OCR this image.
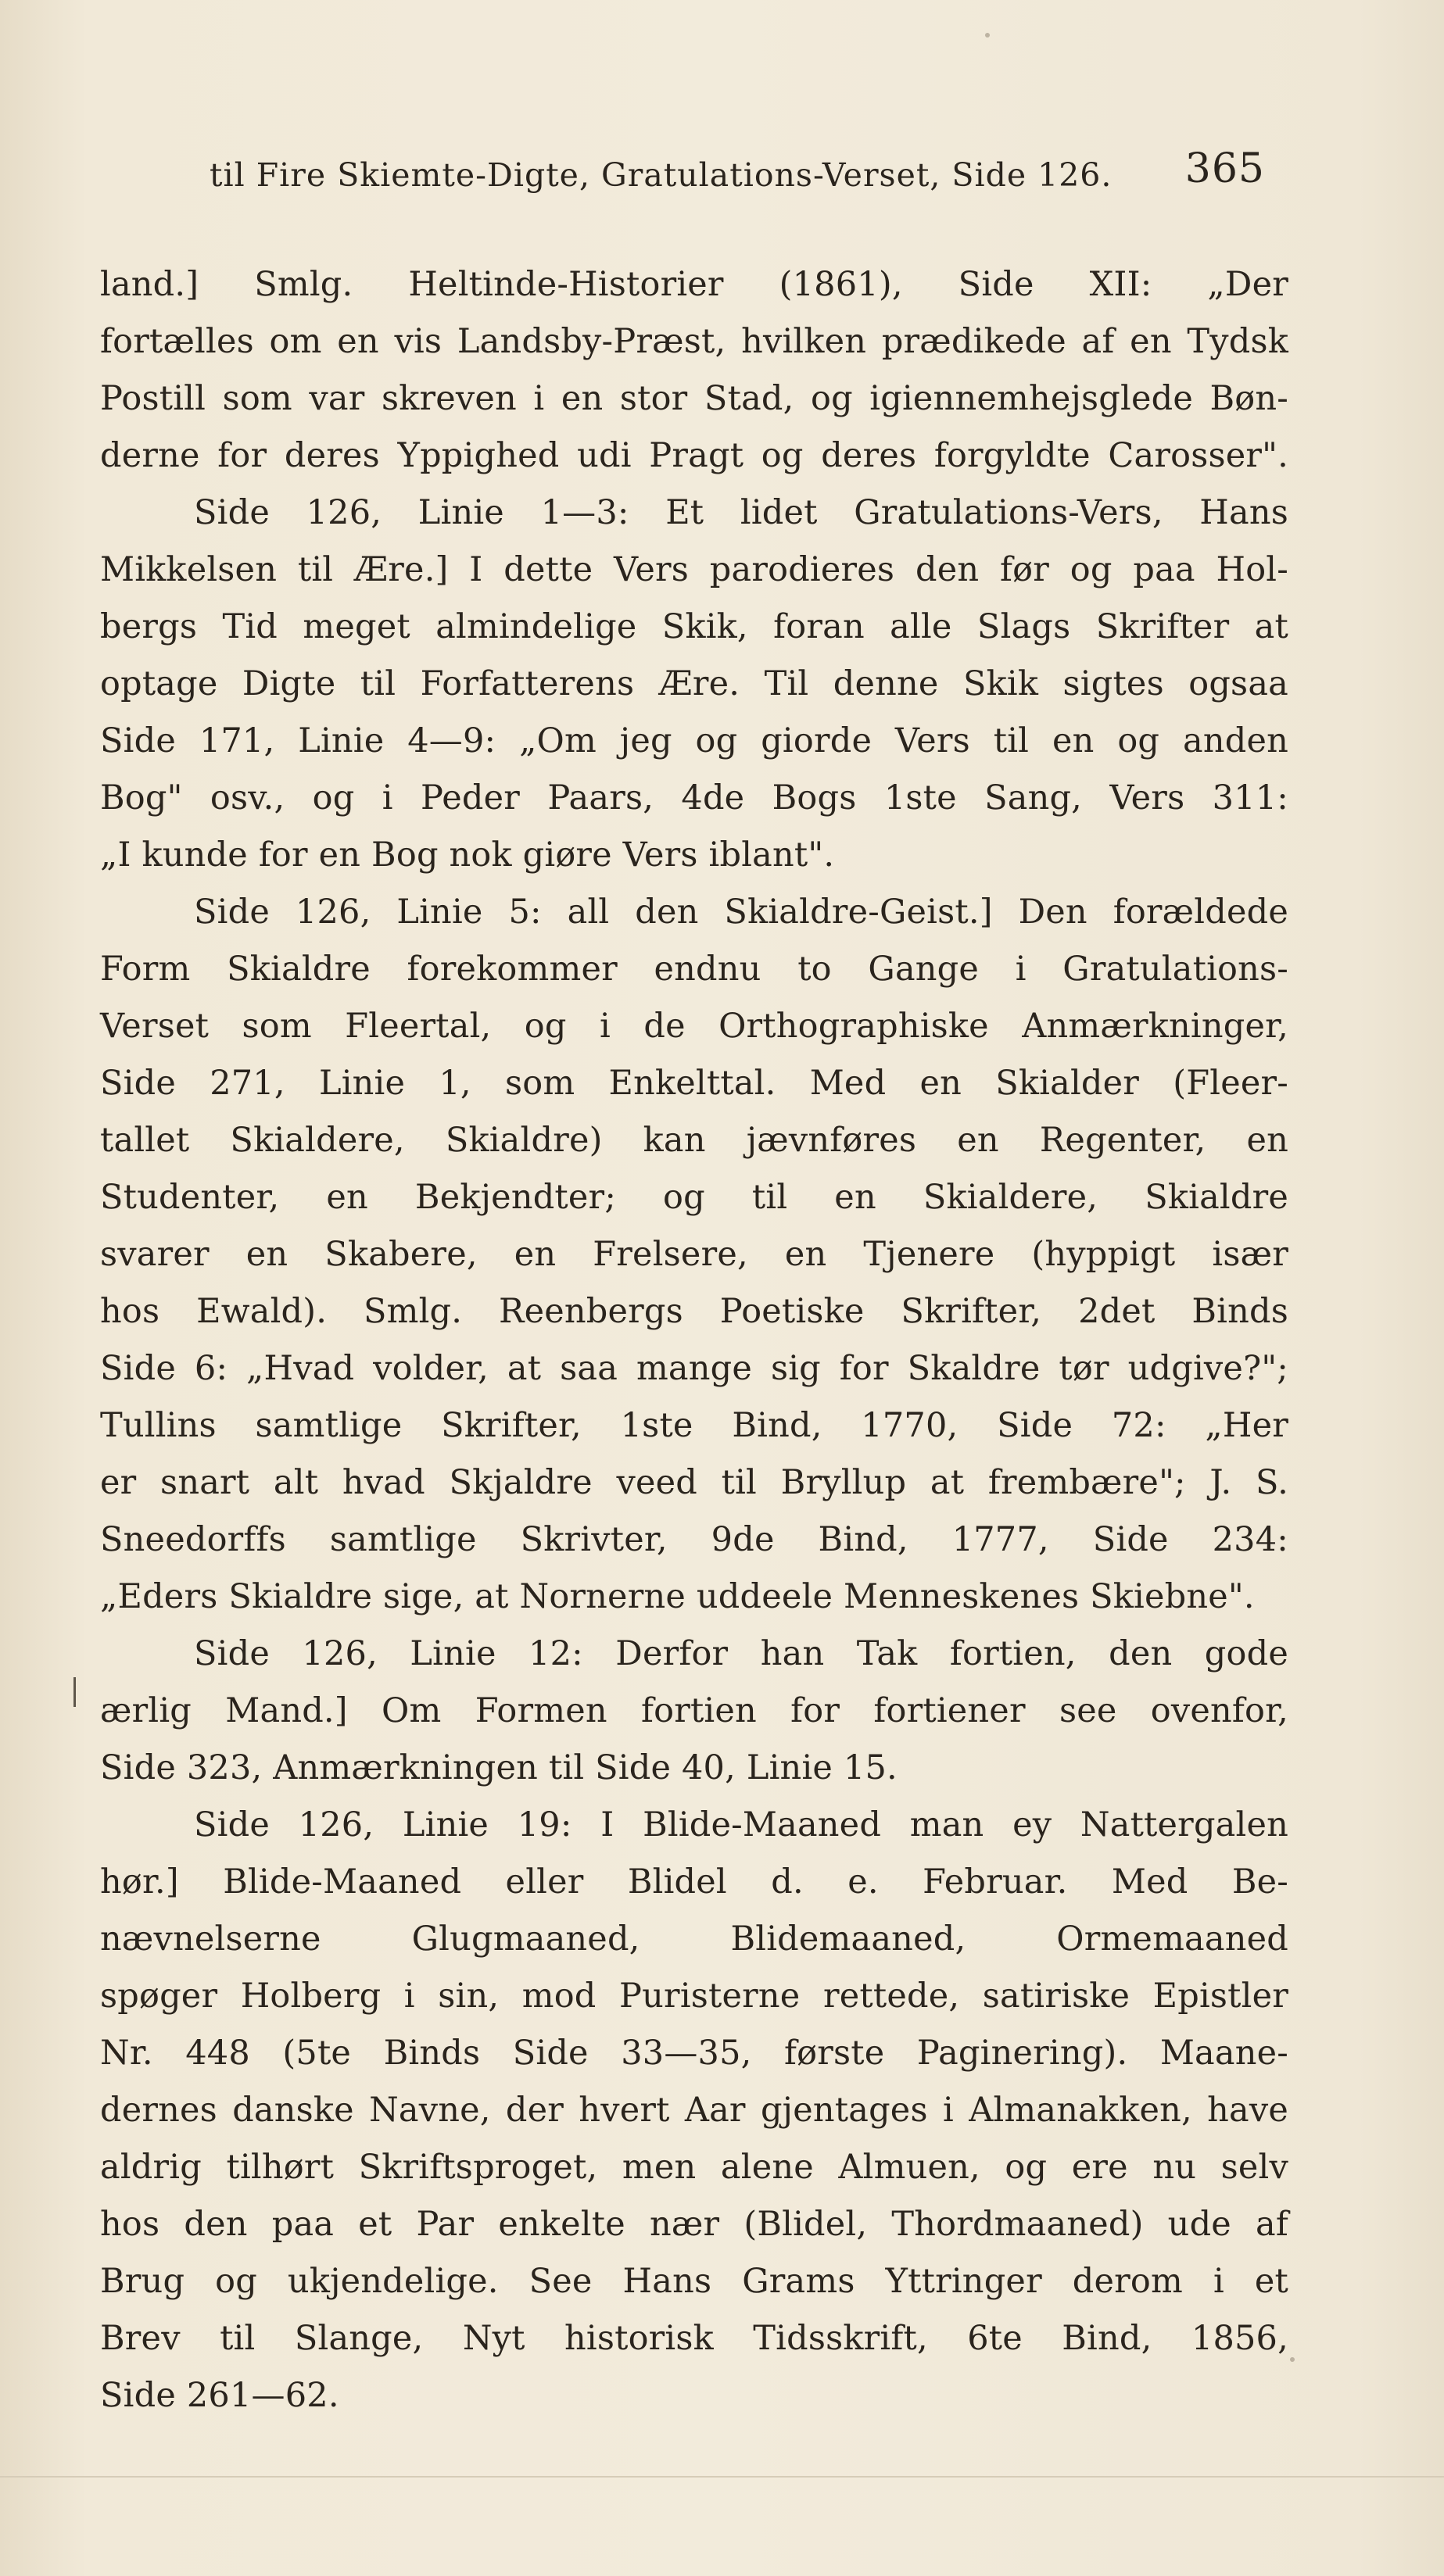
til Fire Skiemte-Digte, Gratulations-Verset, Side 126. 365
land.] Smlg. Heltinde-Historier (1861), Side XII: „Der
fortælles om en vis Landsby-Præst, hvilken prædikede af en Tydsk
Postill som var skreven i en stor Stad, og igiennemhejsglede Bøn-
derne for deres Yppighed udi Pragt og deres forgyldte Carosser".
Side 126, Linie 1—3: Et lidet Gratulations-Vers, Hans
Mikkelsen til Ære.] I dette Vers parodieres den før og paa Hol-
bergs Tid meget almindelige Skik, foran alle Slags Skrifter at
optage Digte til Forfatterens Ære. Til denne Skik sigtes ogsaa
Side 171, Linie 4—9: „Om jeg og giorde Vers til en og anden
Bog" osv., og i Peder Paars, 4de Bogs 1ste Sang, Vers 311:
„I kunde for en Bog nok giøre Vers iblant".
Side 126, Linie 5: all den Skialdre-Geist.] Den forældede
Form Skialdre forekommer endnu to Gange i Gratulations-
Verset som Fleertal, og i de Orthographiske Anmærkninger,
Side 271, Linie 1, som Enkelttal. Med en Skialder (Fleer-
tallet Skialdere, Skialdre) kan jævnføres en Regenter, en
Studenter, en Bekjendter; og til en Skialdere, Skialdre
svarer en Skabere, en Frelsere, en Tjenere (hyppigt især
hos Ewald). Smlg. Reenbergs Poetiske Skrifter, 2det Binds
Side 6: „Hvad volder, at saa mange sig for Skaldre tør udgive?";
Tullins samtlige Skrifter, 1ste Bind, 1770, Side 72: „Her
er snart alt hvad Skjaldre veed til Bryllup at frembære"; J. S.
Sneedorffs samtlige Skrivter, 9de Bind, 1777, Side 234:
„Eders Skialdre sige, at Nornerne uddeele Menneskenes Skiebne".
Side 126, Linie 12: Derfor han Tak fortien, den gode
ærlig Mand.] Om Formen fortien for fortiener see ovenfor,
Side 323, Anmærkningen til Side 40, Linie 15.
Side 126, Linie 19: I Blide-Maaned man ey Nattergalen
hør.] Blide-Maaned eller Blidel d. e. Februar. Med Be-
nævnelserne Glugmaaned, Blidemaaned, Ormemaaned
spøger Holberg i sin, mod Puristerne rettede, satiriske Epistler
Nr. 448 (5te Binds Side 33—35, første Paginering). Maane-
dernes danske Navne, der hvert Aar gjentages i Almanakken, have
aldrig tilhørt Skriftsproget, men alene Almuen, og ere nu selv
hos den paa et Par enkelte nær (Blidel, Thordmaaned) ude af
Brug og ukjendelige. See Hans Grams Yttringer derom i et
Brev til Slange, Nyt historisk Tidsskrift, 6te Bind, 1856,
Side 261—62.
